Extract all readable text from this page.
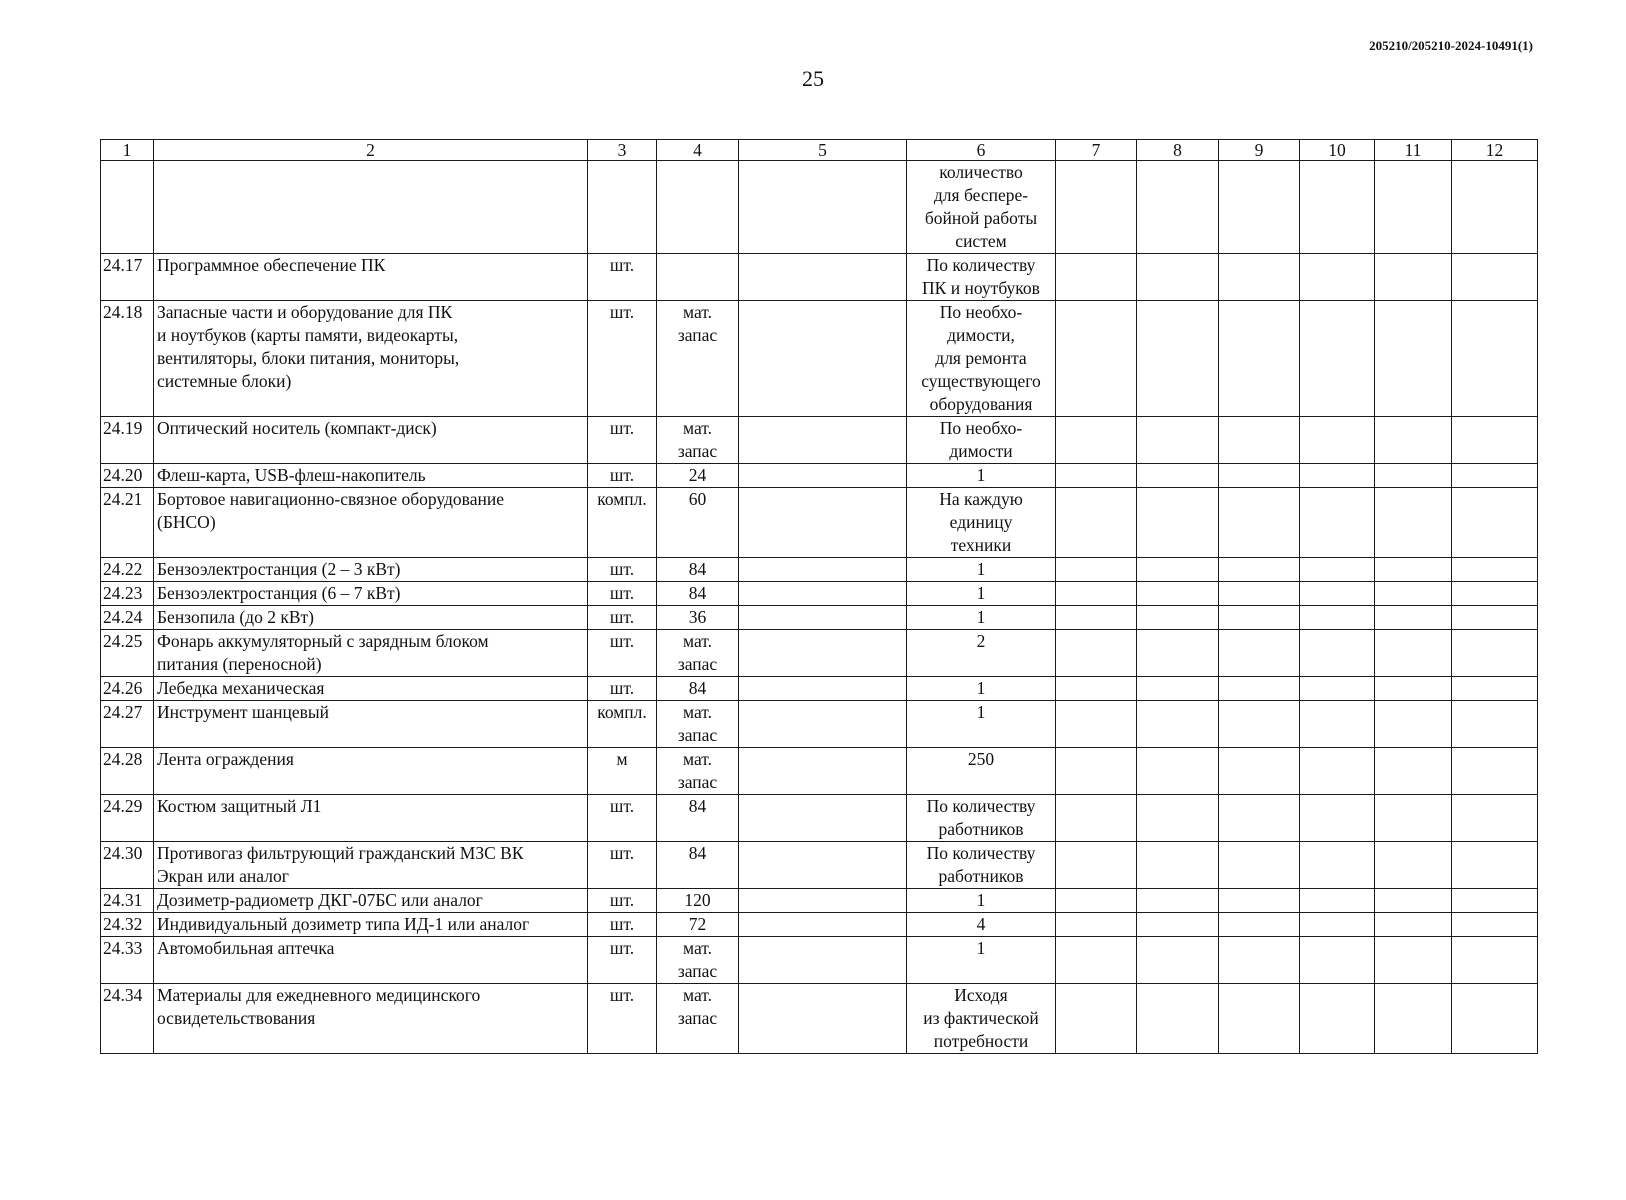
205210/205210-2024-10491(1)
25
1	2	3	4	5	6	7	8	9	10	11	12

					количество
для беспере-
бойной работы
систем						

24.17	Программное обеспечение ПК	шт.			По количеству
ПК и ноутбуков						

24.18	Запасные части и оборудование для ПК
и ноутбуков (карты памяти, видеокарты,
вентиляторы, блоки питания, мониторы,
системные блоки)	шт.	мат.
запас		По необхо-
димости,
для ремонта
существующего
оборудования						

24.19	Оптический носитель (компакт-диск)	шт.	мат.
запас		По необхо-
димости						

24.20	Флеш-карта, USB-флеш-накопитель	шт.	24		1						

24.21	Бортовое навигационно-связное оборудование
(БНСО)	компл.	60		На каждую
единицу
техники						

24.22	Бензоэлектростанция (2 – 3 кВт)	шт.	84		1						

24.23	Бензоэлектростанция (6 – 7 кВт)	шт.	84		1						

24.24	Бензопила (до 2 кВт)	шт.	36		1						

24.25	Фонарь аккумуляторный с зарядным блоком
питания (переносной)	шт.	мат.
запас		2						

24.26	Лебедка механическая	шт.	84		1						

24.27	Инструмент шанцевый	компл.	мат.
запас		1						

24.28	Лента ограждения	м	мат.
запас		250						

24.29	Костюм защитный Л1	шт.	84		По количеству
работников						

24.30	Противогаз фильтрующий гражданский МЗС ВК
Экран или аналог	шт.	84		По количеству
работников						

24.31	Дозиметр-радиометр ДКГ-07БС или аналог	шт.	120		1						

24.32	Индивидуальный дозиметр типа ИД-1 или аналог	шт.	72		4						

24.33	Автомобильная аптечка	шт.	мат.
запас		1						

24.34	Материалы для ежедневного медицинского
освидетельствования	шт.	мат.
запас		Исходя
из фактической
потребности						
